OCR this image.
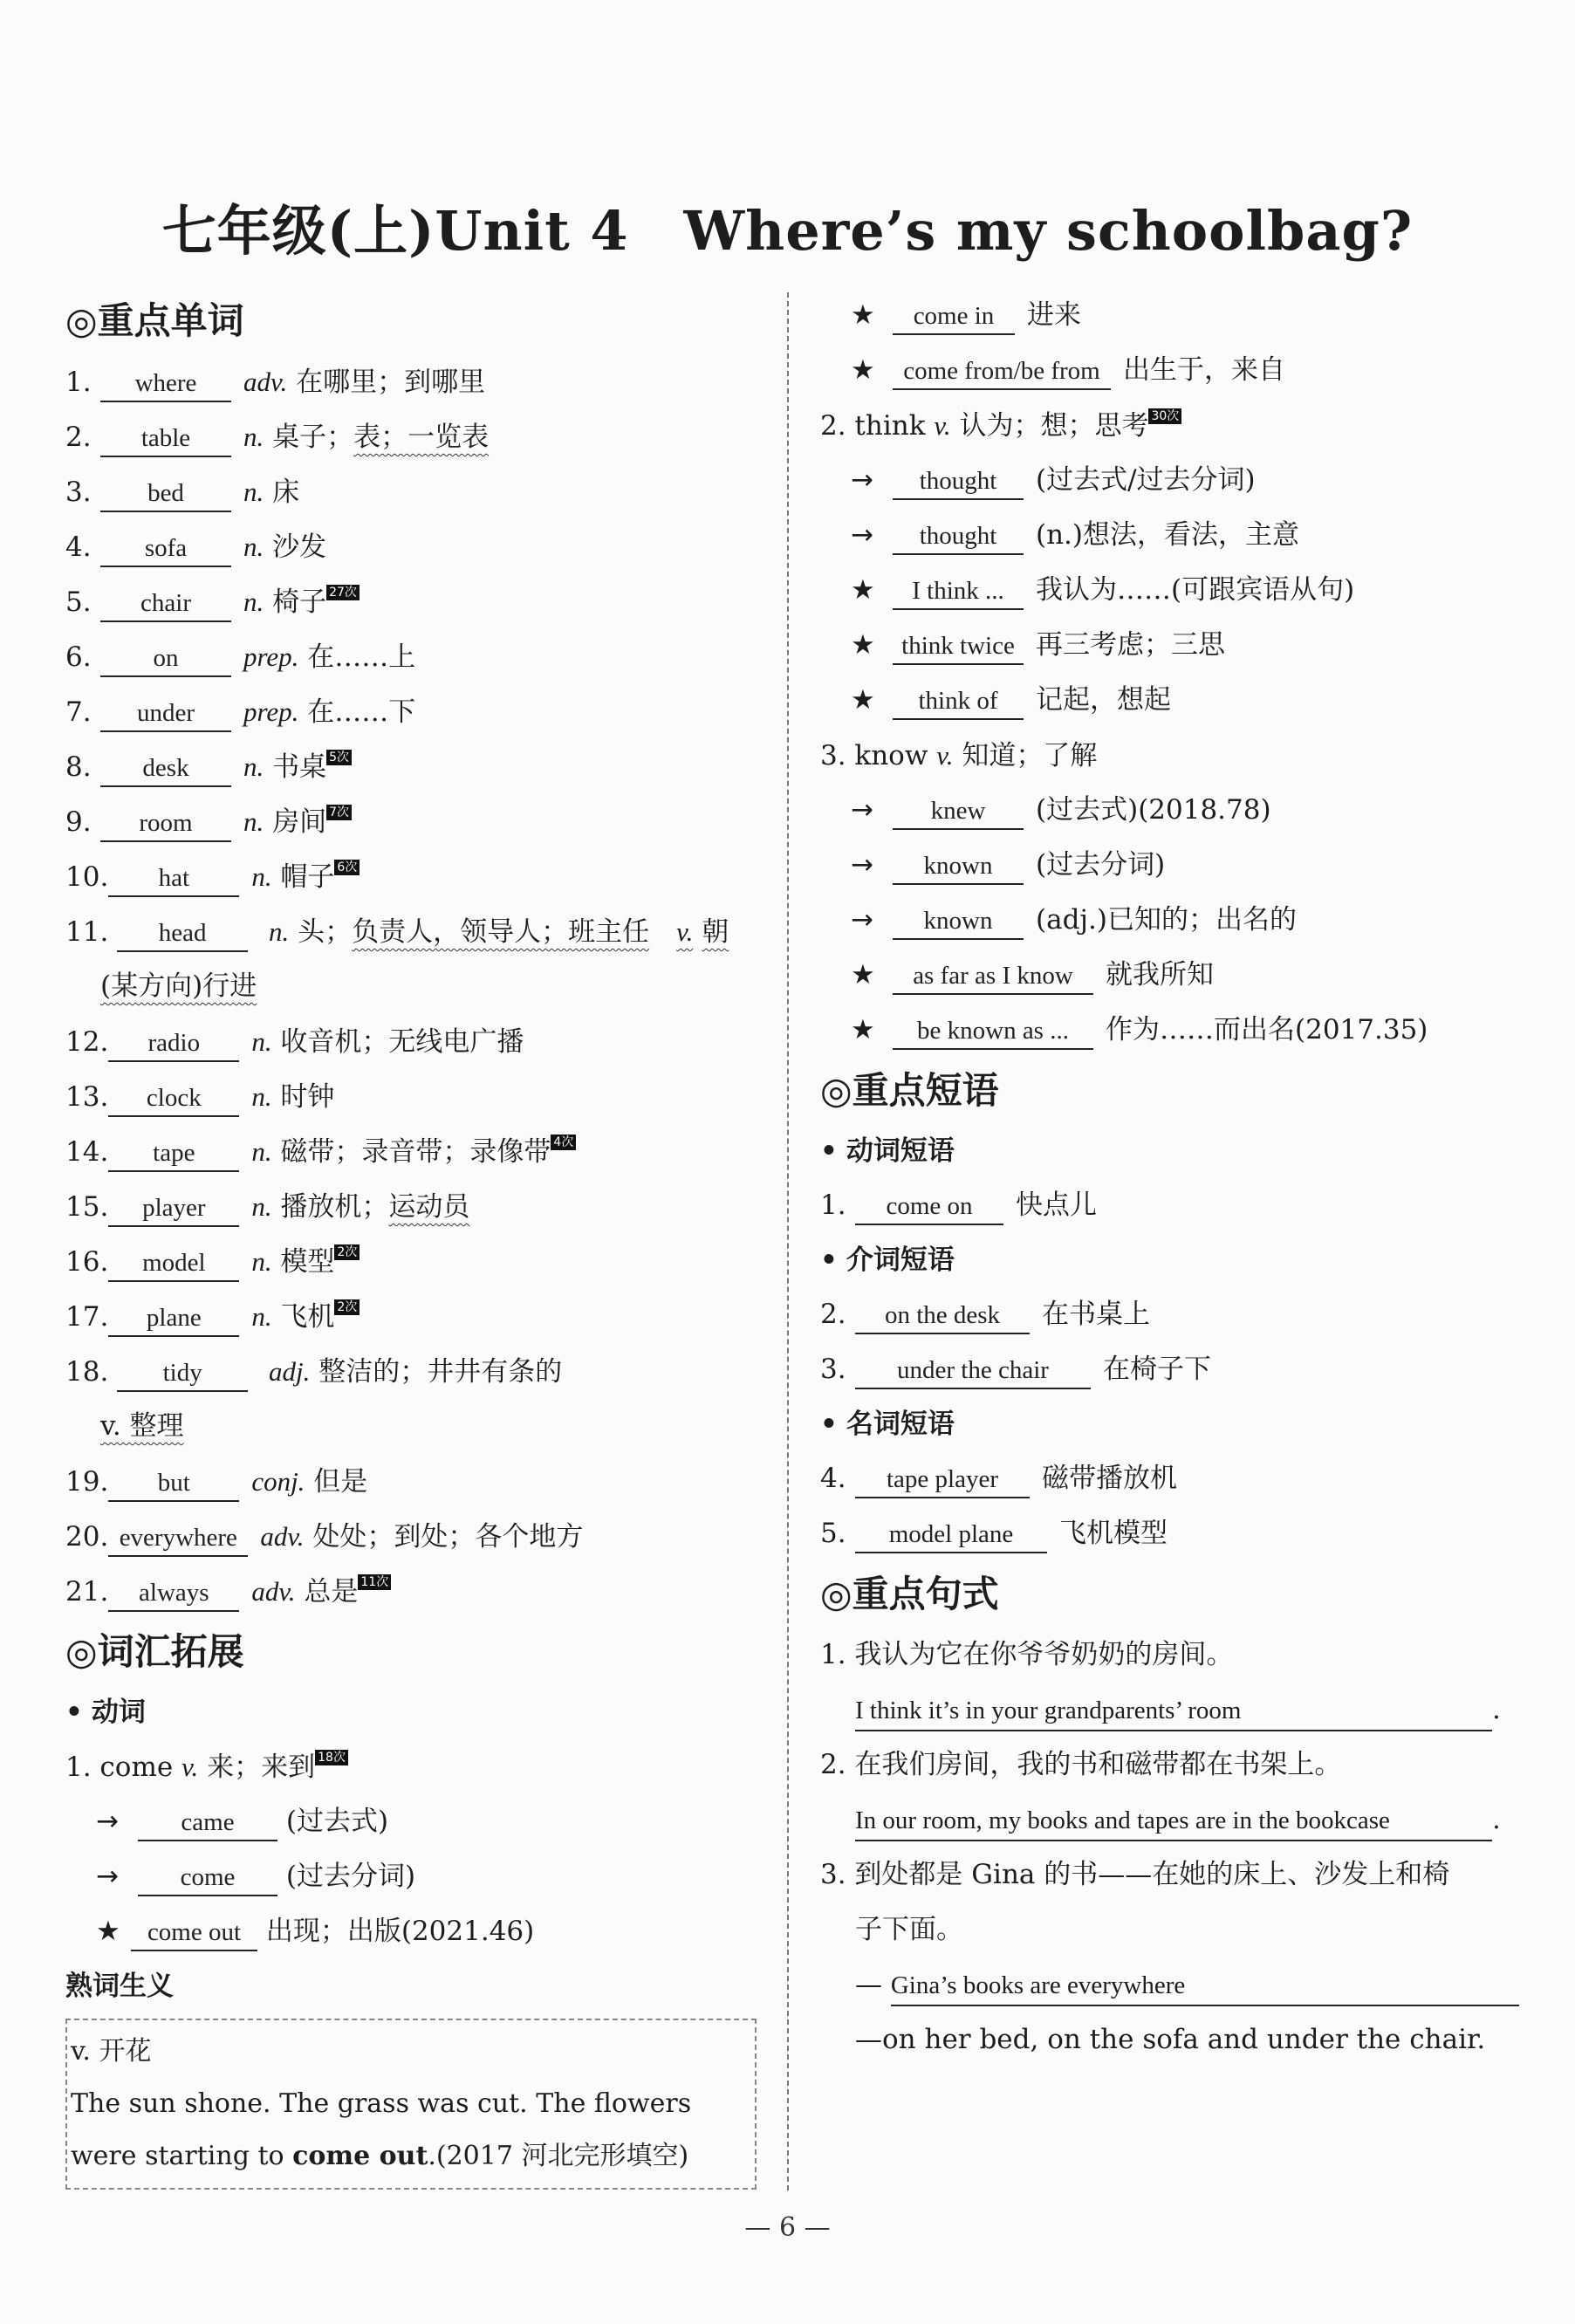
七年级(上)Unit 4　Where’s my schoolbag?
◎重点单词
1. where adv. 在哪里；到哪里
2. table n. 桌子；表；一览表
3. bed n. 床
4. sofa n. 沙发
5. chair n. 椅子 27次
6. on prep. 在……上
7. under prep. 在……下
8. desk n. 书桌 5次
9. room n. 房间 7次
10. hat n. 帽子 6次
11. head n. 头；负责人，领导人；班主任　 v. 朝
(某方向)行进
12. radio n. 收音机；无线电广播
13. clock n. 时钟
14. tape n. 磁带；录音带；录像带 4次
15. player n. 播放机；运动员
16. model n. 模型 2次
17. plane n. 飞机 2次
18. tidy adj. 整洁的；井井有条的
v. 整理
19. but conj. 但是
20. everywhere adv. 处处；到处；各个地方
21. always adv. 总是 11次
◎词汇拓展
• 动词
1. come v. 来；来到 18次
→ came (过去式)
→ come (过去分词)
★ come out 出现；出版(2021.46)
熟词生义
v. 开花
The sun shone. The grass was cut. The flowers
were starting to come out.(2017 河北完形填空)
★ come in 进来
★ come from/be from 出生于，来自
2. think v. 认为；想；思考 30次
→ thought (过去式/过去分词)
→ thought (n.)想法，看法，主意
★ I think ... 我认为……(可跟宾语从句)
★ think twice 再三考虑；三思
★ think of 记起，想起
3. know v. 知道；了解
→ knew (过去式)(2018.78)
→ known (过去分词)
→ known (adj.)已知的；出名的
★ as far as I know 就我所知
★ be known as ... 作为……而出名(2017.35)
◎重点短语
• 动词短语
1. come on 快点儿
• 介词短语
2. on the desk 在书桌上
3. under the chair 在椅子下
• 名词短语
4. tape player 磁带播放机
5. model plane 飞机模型
◎重点句式
1. 我认为它在你爷爷奶奶的房间。
I think it’s in your grandparents’ room	.
2. 在我们房间，我的书和磁带都在书架上。
In our room, my books and tapes are in the bookcase	.
3. 到处都是 Gina 的书——在她的床上、沙发上和椅
子下面。
— Gina’s books are everywhere
—on her bed, on the sofa and under the chair.
— 6 —
